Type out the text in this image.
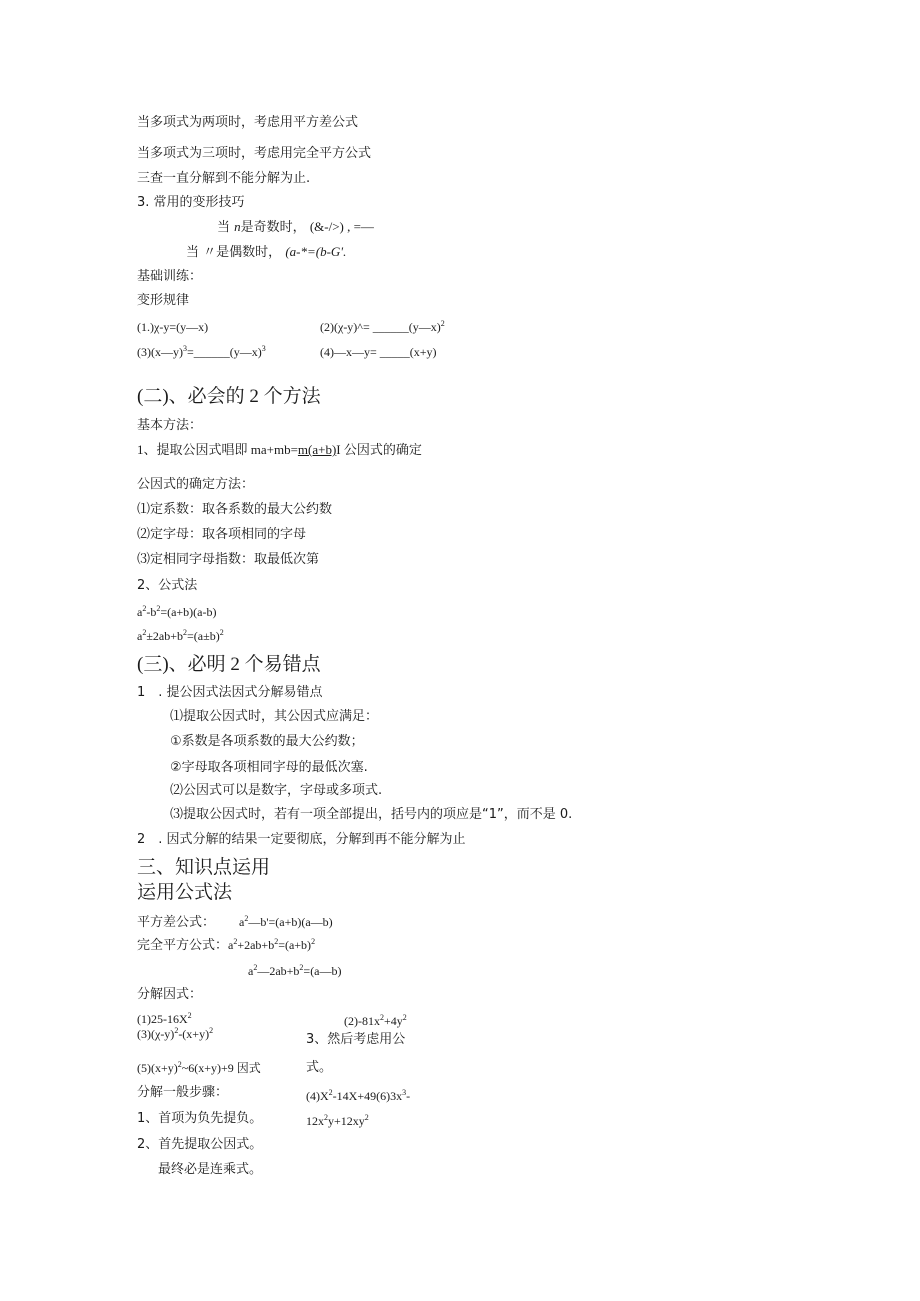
当多项式为两项时，考虑用平方差公式
当多项式为三项时，考虑用完全平方公式
三查一直分解到不能分解为止.
3. 常用的变形技巧
当 n是奇数时， (&-/>) , =—
当 〃是偶数时， (a-*=(b-G'.
基础训练：
变形规律
(1.)χ-y=(y—x)	(2)(χ-y)^= ______(y—x)$^2$
(3)(x—y)$^3$=______(y—x)$^3$	(4)—x—y= _____(x+y)
(二)、必会的 2 个方法
基本方法：
1、提取公因式唱即 ma+mb=m(a+b)I 公因式的确定
公因式的确定方法：
⑴定系数：取各系数的最大公约数
⑵定字母：取各项相同的字母
⑶定相同字母指数：取最低次第
2、公式法
$a^2-b^2=(a+b)(a-b)$
$a^2\pm 2ab+b^2=(a\pm b)^2$
(三)、必明 2 个易错点
1　. 提公因式法因式分解易错点
⑴提取公因式时，其公因式应满足：
①系数是各项系数的最大公约数；
②字母取各项相同字母的最低次塞.
⑵公因式可以是数字，字母或多项式.
⑶提取公因式时，若有一项全部提出，括号内的项应是“1”，而不是 0.
2　. 因式分解的结果一定要彻底，分解到再不能分解为止
三、知识点运用
运用公式法
平方差公式： $a^2—b'=(a+b)(a—b)$
完全平方公式： $a^2+2ab+b^2=(a+b)^2$
$a^2—2ab+b^2=(a—b)$
分解因式：
$(1)25-16X^2$	$(2)-81x^2+4y^2$
$(3)(\chi-y)^2-(x+y)^2$
3、然后考虑用公
$(5)(x+y)^2\sim 6(x+y)+9$ 因式	式。
分解一般步骤：	$(4)X^2-14X+49(6)3x^3-$
1、首项为负先提负。	$12x^2y+12xy^2$
2、首先提取公因式。
最终必是连乘式。
